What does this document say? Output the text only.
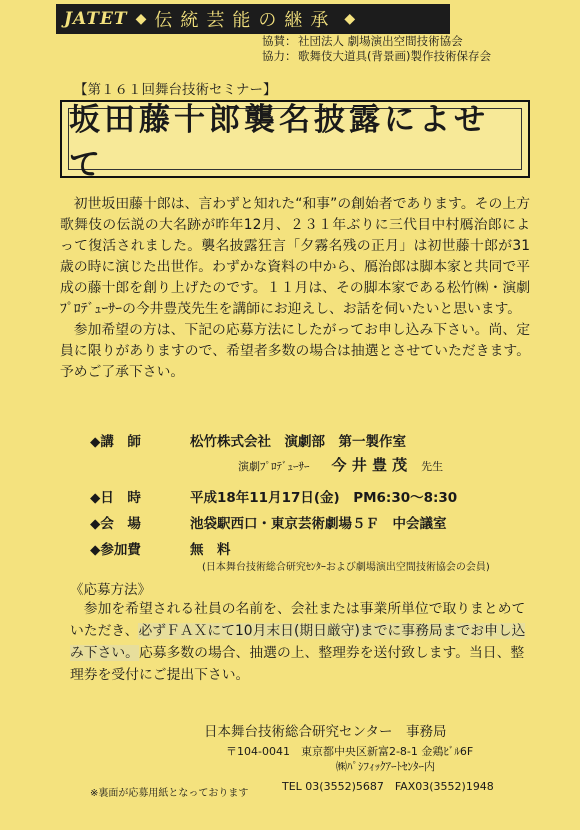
JATET ◆ 伝統芸能の継承 ◆
協賛： 社団法人 劇場演出空間技術協会
協力： 歌舞伎大道具(背景画)製作技術保存会
【第１６１回舞台技術セミナー】
坂田藤十郎襲名披露によせて

初世坂田藤十郎は、言わずと知れた“和事”の創始者であります。その上方歌舞伎の伝説の大名跡が昨年12月、２３１年ぶりに三代目中村鴈治郎によって復活されました。襲名披露狂言「夕霧名残の正月」は初世藤十郎が31歳の時に演じた出世作。わずかな資料の中から、鴈治郎は脚本家と共同で平成の藤十郎を創り上げたのです。１１月は、その脚本家である松竹㈱・演劇ﾌﾟﾛﾃﾞｭｰｻｰの今井豊茂先生を講師にお迎えし、お話を伺いたいと思います。

参加希望の方は、下記の応募方法にしたがってお申し込み下さい。尚、定員に限りがありますので、希望者多数の場合は抽選とさせていただきます。予めご了承下さい。

◆講　師	松竹株式会社　演劇部　第一製作室
演劇ﾌﾟﾛﾃﾞｭｰｻｰ 今 井 豊 茂 先生
◆日　時	平成18年11月17日(金)　PM6:30～8:30
◆会　場	池袋駅西口・東京芸術劇場５Ｆ　中会議室
◆参加費	無　料
(日本舞台技術総合研究ｾﾝﾀｰおよび劇場演出空間技術協会の会員)
《応募方法》

参加を希望される社員の名前を、会社または事業所単位で取りまとめていただき、必ずＦＡＸにて10月末日(期日厳守)までに事務局までお申し込み下さい。応募多数の場合、抽選の上、整理券を送付致します。当日、整理券を受付にご提出下さい。

日本舞台技術総合研究センター　事務局
〒104-0041　東京都中央区新富2-8-1 金鶏ﾋﾞﾙ6F
㈱ﾊﾟｼﾌｨｯｸｱｰﾄｾﾝﾀｰ内
TEL 03(3552)5687　FAX03(3552)1948
※裏面が応募用紙となっております
